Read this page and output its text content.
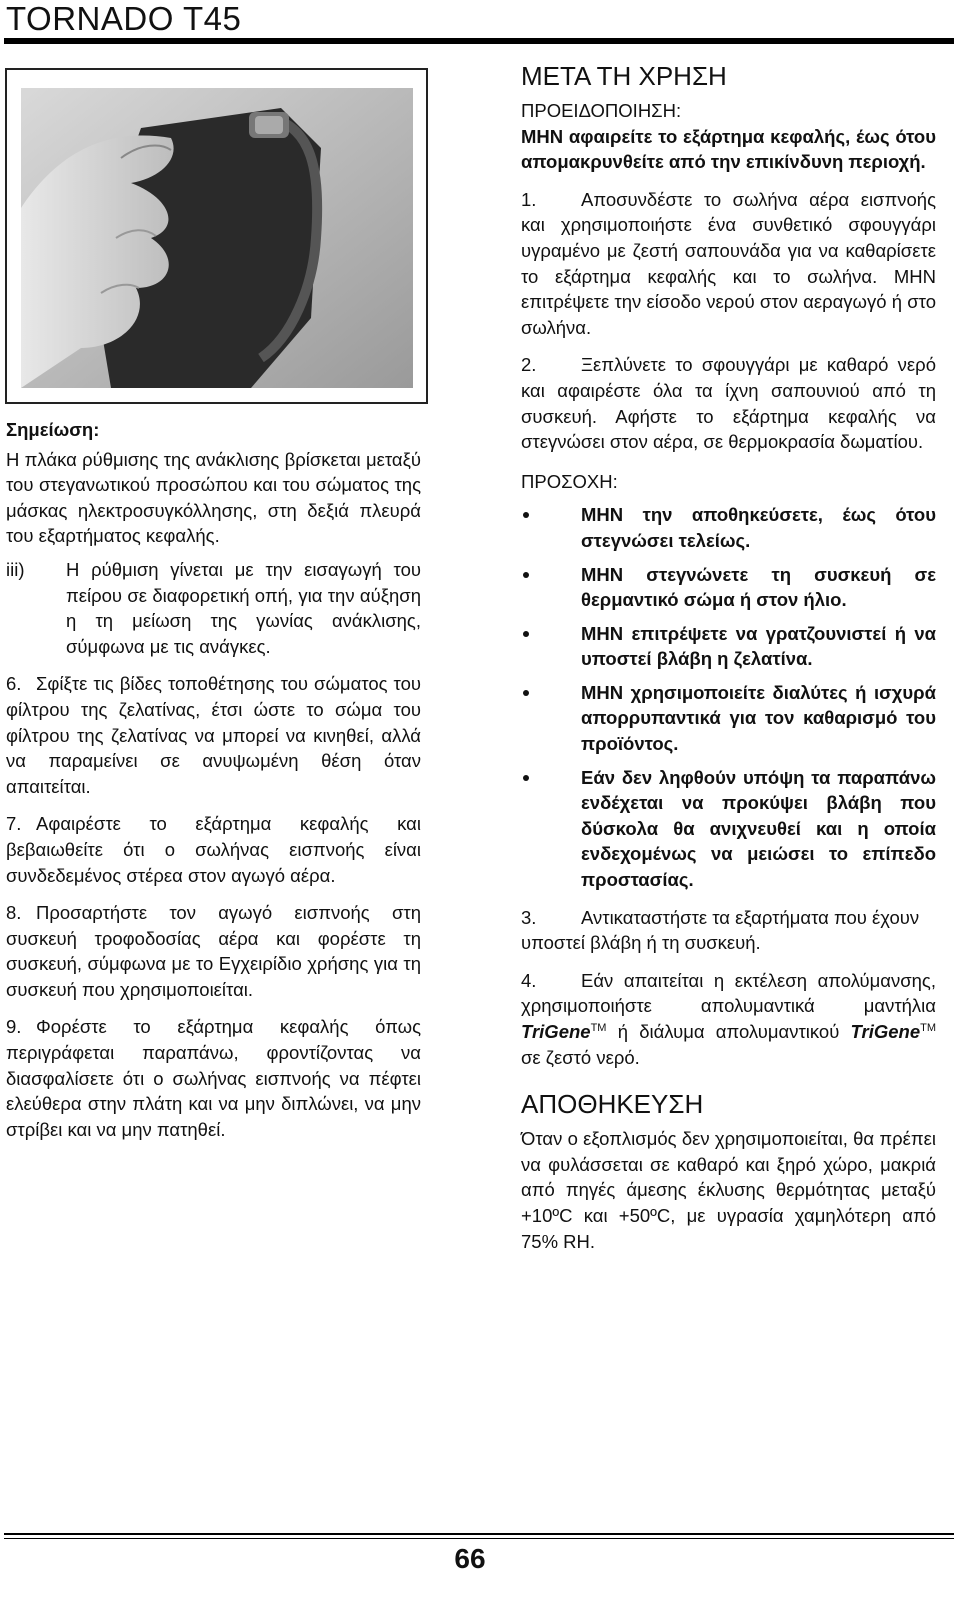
TORNADO T45

Σημείωση:

Η πλάκα ρύθμισης της ανάκλισης βρίσκεται μεταξύ του στεγανωτικού προσώπου και του σώματος της μάσκας ηλεκτροσυγκόλλησης, στη δεξιά πλευρά του εξαρτήματος κεφαλής.

iii)	Η ρύθμιση γίνεται με την εισαγωγή του πείρου σε διαφορετική οπή, για την αύξηση η τη μείωση της γωνίας ανάκλισης, σύμφωνα με τις ανάγκες.

6. Σφίξτε τις βίδες τοποθέτησης του σώματος του φίλτρου της ζελατίνας, έτσι ώστε το σώμα του φίλτρου της ζελατίνας να μπορεί να κινηθεί, αλλά να παραμείνει σε ανυψωμένη θέση όταν απαιτείται.

7. Αφαιρέστε το εξάρτημα κεφαλής και βεβαιωθείτε ότι ο σωλήνας εισπνοής είναι συνδεδεμένος στέρεα στον αγωγό αέρα.

8. Προσαρτήστε τον αγωγό εισπνοής στη συσκευή τροφοδοσίας αέρα και φορέστε τη συσκευή, σύμφωνα με το Εγχειρίδιο χρήσης για τη συσκευή που χρησιμοποιείται.

9. Φορέστε το εξάρτημα κεφαλής όπως περιγράφεται παραπάνω, φροντίζοντας να διασφαλίσετε ότι ο σωλήνας εισπνοής να πέφτει ελεύθερα στην πλάτη και να μην διπλώνει, να μην στρίβει και να μην πατηθεί.

ΜΕΤΑ ΤΗ ΧΡΗΣΗ

ΠΡΟΕΙΔΟΠΟΙΗΣΗ:

ΜΗΝ αφαιρείτε το εξάρτημα κεφαλής, έως ότου απομακρυνθείτε από την επικίνδυνη περιοχή.

1. Αποσυνδέστε το σωλήνα αέρα εισπνοής και χρησιμοποιήστε ένα συνθετικό σφουγγάρι υγραμένο με ζεστή σαπουνάδα για να καθαρίσετε το εξάρτημα κεφαλής και το σωλήνα. ΜΗΝ επιτρέψετε την είσοδο νερού στον αεραγωγό ή στο σωλήνα.

2. Ξεπλύνετε το σφουγγάρι με καθαρό νερό και αφαιρέστε όλα τα ίχνη σαπουνιού από τη συσκευή. Αφήστε το εξάρτημα κεφαλής να στεγνώσει στον αέρα, σε θερμοκρασία δωματίου.

ΠΡΟΣΟΧΗ:

ΜΗΝ την αποθηκεύσετε, έως ότου στεγνώσει τελείως.
ΜΗΝ στεγνώνετε τη συσκευή σε θερμαντικό σώμα ή στον ήλιο.
ΜΗΝ επιτρέψετε να γρατζουνιστεί ή να υποστεί βλάβη η ζελατίνα.
ΜΗΝ χρησιμοποιείτε διαλύτες ή ισχυρά απορρυπαντικά για τον καθαρισμό του προϊόντος.
Εάν δεν ληφθούν υπόψη τα παραπάνω ενδέχεται να προκύψει βλάβη που δύσκολα θα ανιχνευθεί και η οποία ενδεχομένως να μειώσει το επίπεδο προστασίας.

3. Αντικαταστήστε τα εξαρτήματα που έχουν υποστεί βλάβη ή τη συσκευή.

4. Εάν απαιτείται η εκτέλεση απολύμανσης, χρησιμοποιήστε απολυμαντικά μαντήλια TriGene™ ή διάλυμα απολυμαντικού TriGene™ σε ζεστό νερό.

ΑΠΟΘΗΚΕΥΣΗ

Όταν ο εξοπλισμός δεν χρησιμοποιείται, θα πρέπει να φυλάσσεται σε καθαρό και ξηρό χώρο, μακριά από πηγές άμεσης έκλυσης θερμότητας μεταξύ +10ºC και +50ºC, με υγρασία χαμηλότερη από 75% RH.

66
